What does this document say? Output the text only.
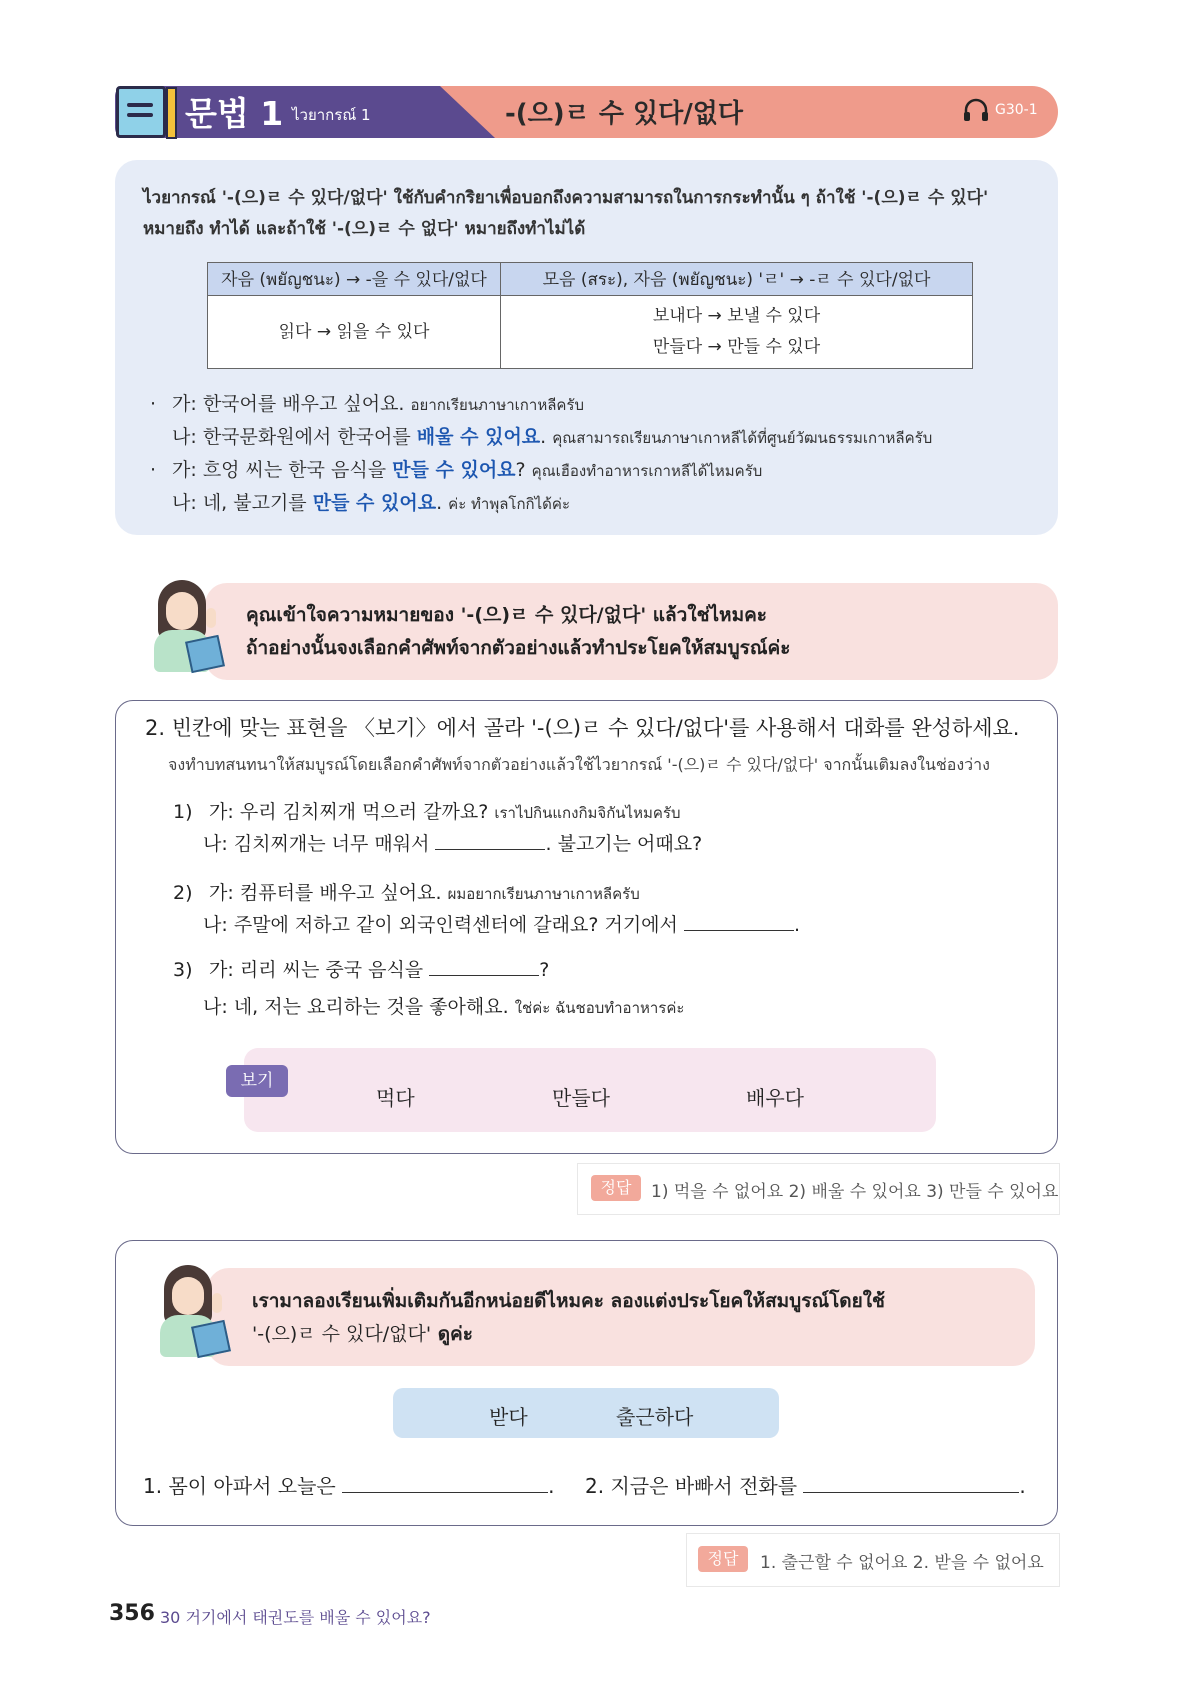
문법 1 ไวยากรณ์ 1	-(으)ㄹ 수 있다/없다	G30-1
ไวยากรณ์ '-(으)ㄹ 수 있다/없다' ใช้กับคำกริยาเพื่อบอกถึงความสามารถในการกระทำนั้น ๆ ถ้าใช้ '-(으)ㄹ 수 있다'
หมายถึง ทำได้ และถ้าใช้ '-(으)ㄹ 수 없다' หมายถึงทำไม่ได้
자음 (พยัญชนะ) → -을 수 있다/없다	모음 (สระ), 자음 (พยัญชนะ) 'ㄹ' → -ㄹ 수 있다/없다
읽다 → 읽을 수 있다	보내다 → 보낼 수 있다
만들다 → 만들 수 있다
· 가: 한국어를 배우고 싶어요. อยากเรียนภาษาเกาหลีครับ
나: 한국문화원에서 한국어를 배울 수 있어요. คุณสามารถเรียนภาษาเกาหลีได้ที่ศูนย์วัฒนธรรมเกาหลีครับ
· 가: 흐엉 씨는 한국 음식을 만들 수 있어요? คุณเฮืองทำอาหารเกาหลีได้ไหมครับ
나: 네, 불고기를 만들 수 있어요. ค่ะ ทำพุลโกกิได้ค่ะ
คุณเข้าใจความหมายของ '-(으)ㄹ 수 있다/없다' แล้วใช่ไหมคะ
ถ้าอย่างนั้นจงเลือกคำศัพท์จากตัวอย่างแล้วทำประโยคให้สมบูรณ์ค่ะ
2. 빈칸에 맞는 표현을 〈보기〉에서 골라 '-(으)ㄹ 수 있다/없다'를 사용해서 대화를 완성하세요.
จงทำบทสนทนาให้สมบูรณ์โดยเลือกคำศัพท์จากตัวอย่างแล้วใช้ไวยากรณ์ '-(으)ㄹ 수 있다/없다' จากนั้นเติมลงในช่องว่าง
1) 가: 우리 김치찌개 먹으러 갈까요? เราไปกินแกงกิมจิกันไหมครับ
나: 김치찌개는 너무 매워서	. 불고기는 어때요?
2) 가: 컴퓨터를 배우고 싶어요. ผมอยากเรียนภาษาเกาหลีครับ
나: 주말에 저하고 같이 외국인력센터에 갈래요? 거기에서	.
3) 가: 리리 씨는 중국 음식을	?
나: 네, 저는 요리하는 것을 좋아해요. ใช่ค่ะ ฉันชอบทำอาหารค่ะ
보기
먹다	만들다	배우다
정답	1) 먹을 수 없어요 2) 배울 수 있어요 3) 만들 수 있어요
เรามาลองเรียนเพิ่มเติมกันอีกหน่อยดีไหมคะ ลองแต่งประโยคให้สมบูรณ์โดยใช้
'-(으)ㄹ 수 있다/없다' ดูค่ะ
받다	출근하다
1. 몸이 아파서 오늘은	. 2. 지금은 바빠서 전화를	.
정답	1. 출근할 수 없어요 2. 받을 수 없어요
356 30 거기에서 태권도를 배울 수 있어요?
